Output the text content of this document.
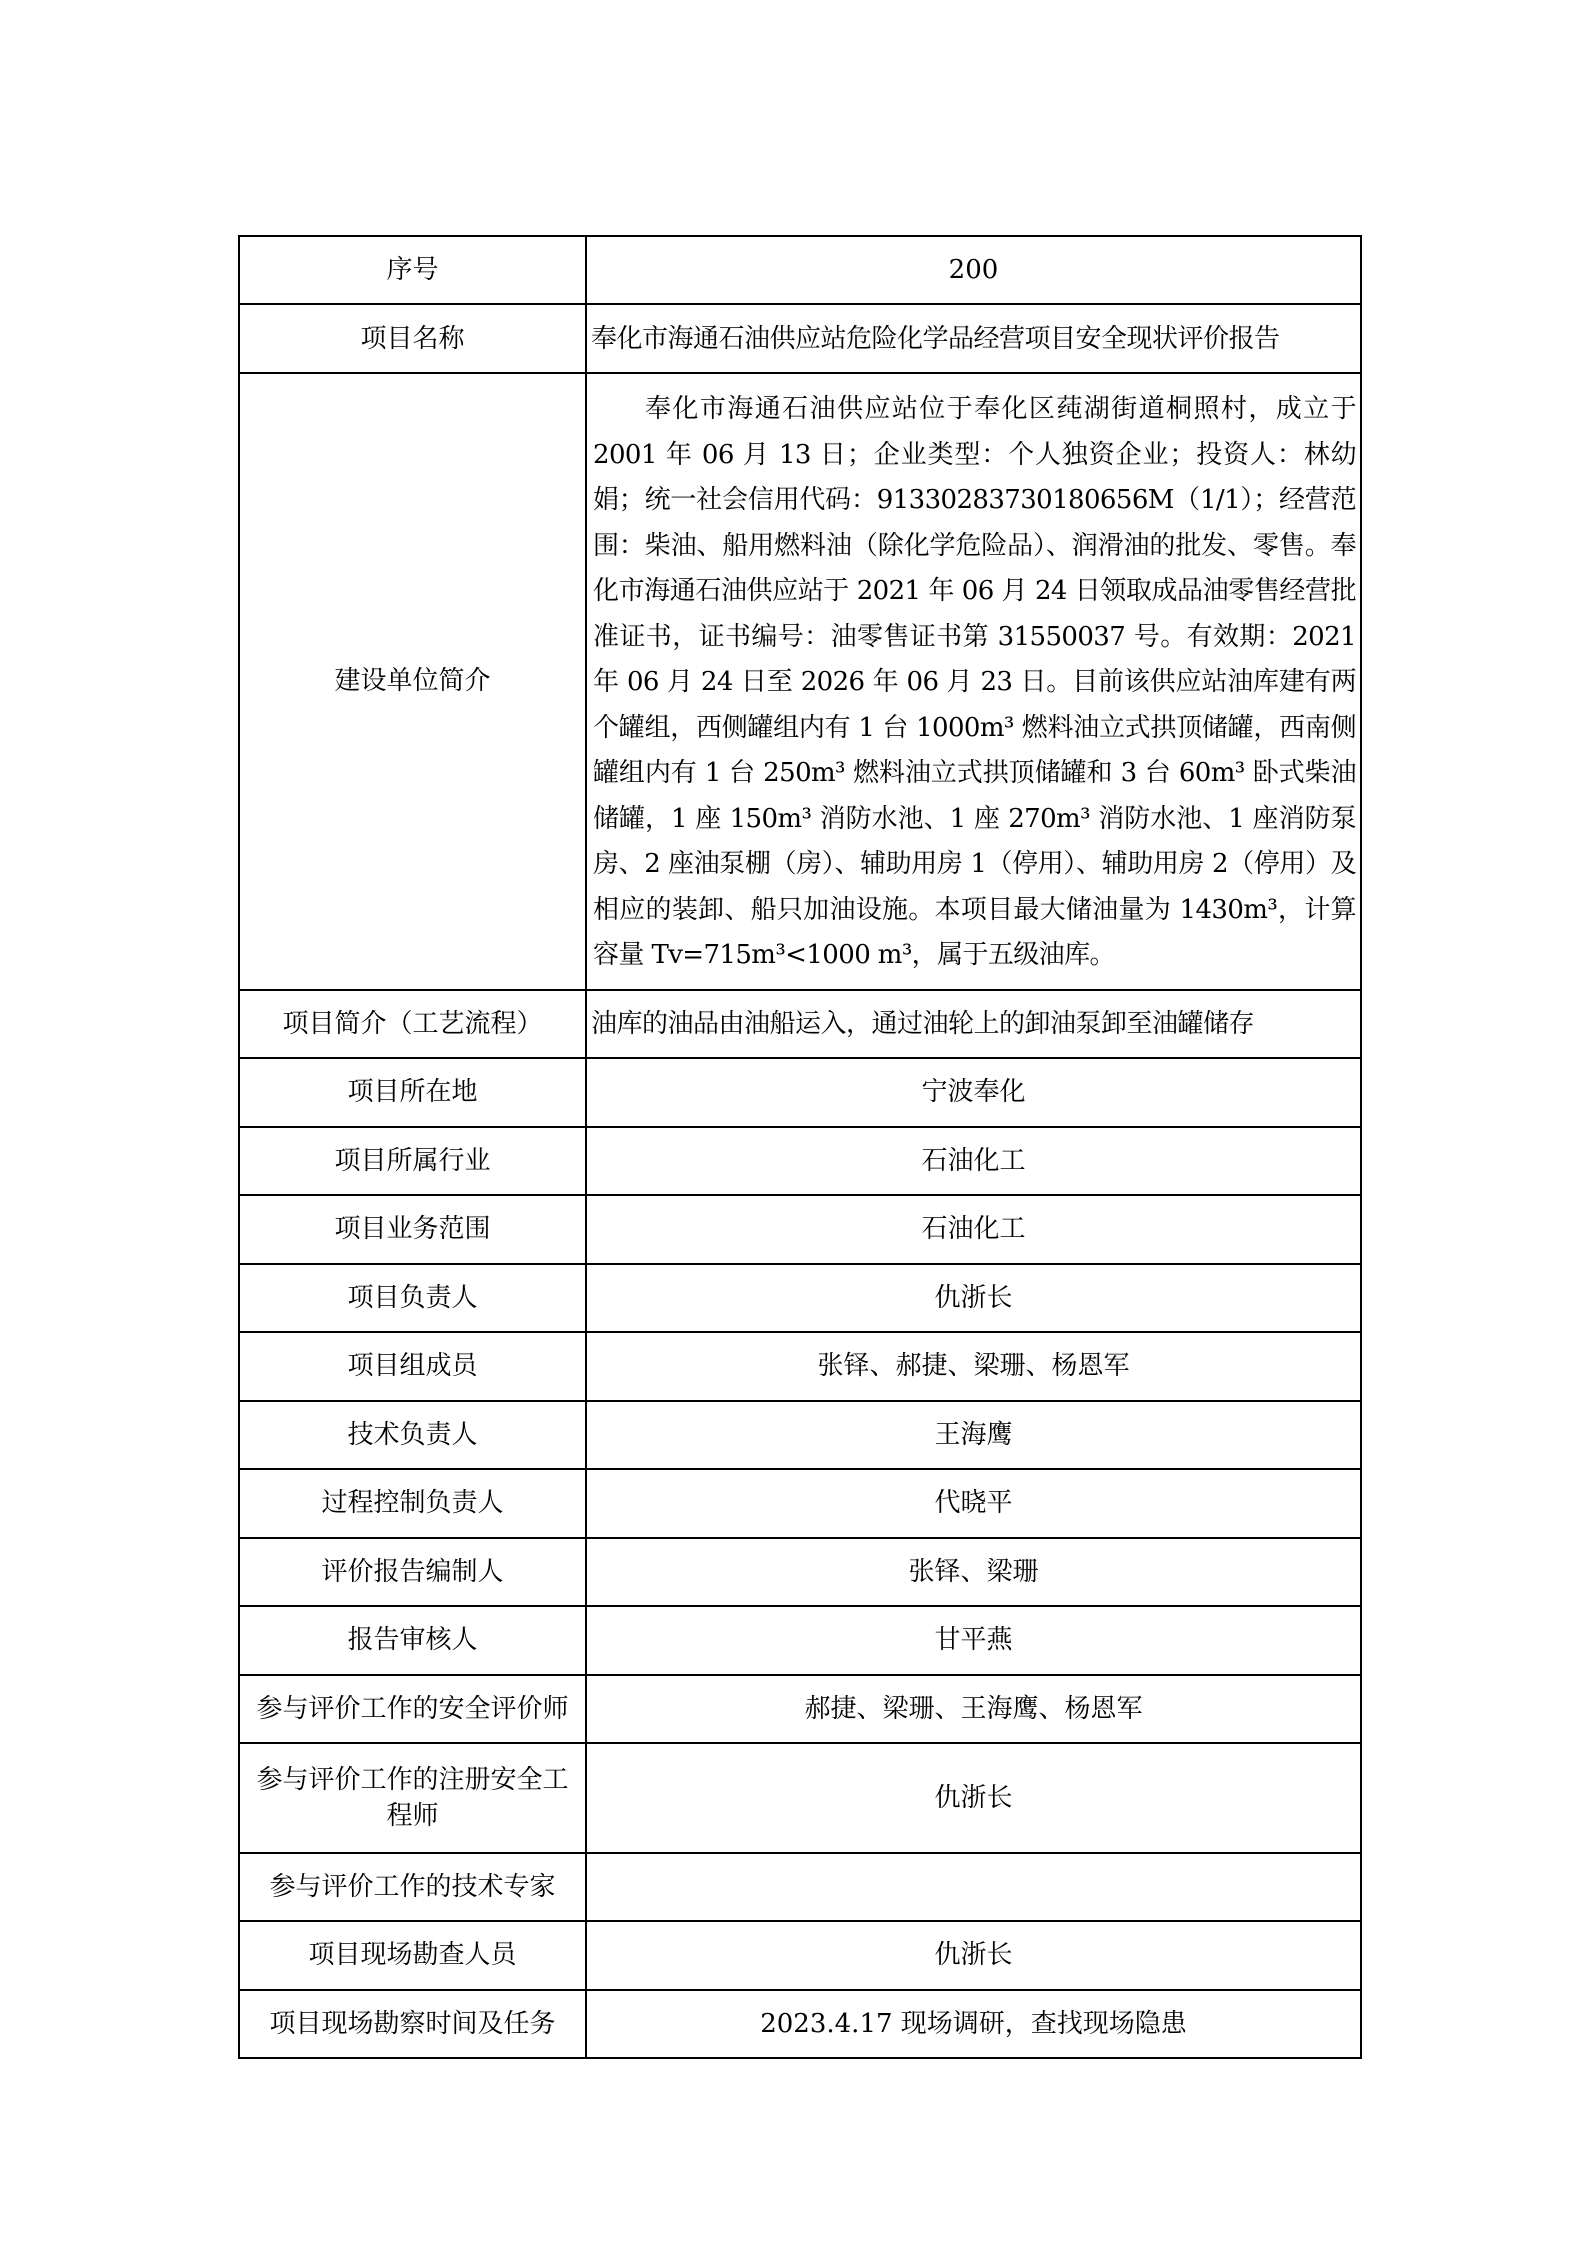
序号	200
项目名称	奉化市海通石油供应站危险化学品经营项目安全现状评价报告
建设单位简介	奉化市海通石油供应站位于奉化区莼湖街道桐照村，成立于 2001 年 06 月 13 日；企业类型：个人独资企业；投资人：林幼娟；统一社会信用代码：91330283730180656M（1/1）；经营范围：柴油、船用燃料油（除化学危险品）、润滑油的批发、零售。奉化市海通石油供应站于 2021 年 06 月 24 日领取成品油零售经营批准证书，证书编号：油零售证书第 31550037 号。有效期：2021 年 06 月 24 日至 2026 年 06 月 23 日。目前该供应站油库建有两个罐组，西侧罐组内有 1 台 1000m³ 燃料油立式拱顶储罐，西南侧罐组内有 1 台 250m³ 燃料油立式拱顶储罐和 3 台 60m³ 卧式柴油储罐，1 座 150m³ 消防水池、1 座 270m³ 消防水池、1 座消防泵房、2 座油泵棚（房）、辅助用房 1（停用）、辅助用房 2（停用）及相应的装卸、船只加油设施。本项目最大储油量为 1430m³，计算容量 Tv=715m³<1000 m³，属于五级油库。
项目简介（工艺流程）	油库的油品由油船运入，通过油轮上的卸油泵卸至油罐储存
项目所在地	宁波奉化
项目所属行业	石油化工
项目业务范围	石油化工
项目负责人	仇浙长
项目组成员	张铎、郝捷、梁珊、杨恩军
技术负责人	王海鹰
过程控制负责人	代晓平
评价报告编制人	张铎、梁珊
报告审核人	甘平燕
参与评价工作的安全评价师	郝捷、梁珊、王海鹰、杨恩军
参与评价工作的注册安全工程师	仇浙长
参与评价工作的技术专家	
项目现场勘查人员	仇浙长
项目现场勘察时间及任务	2023.4.17 现场调研，查找现场隐患
